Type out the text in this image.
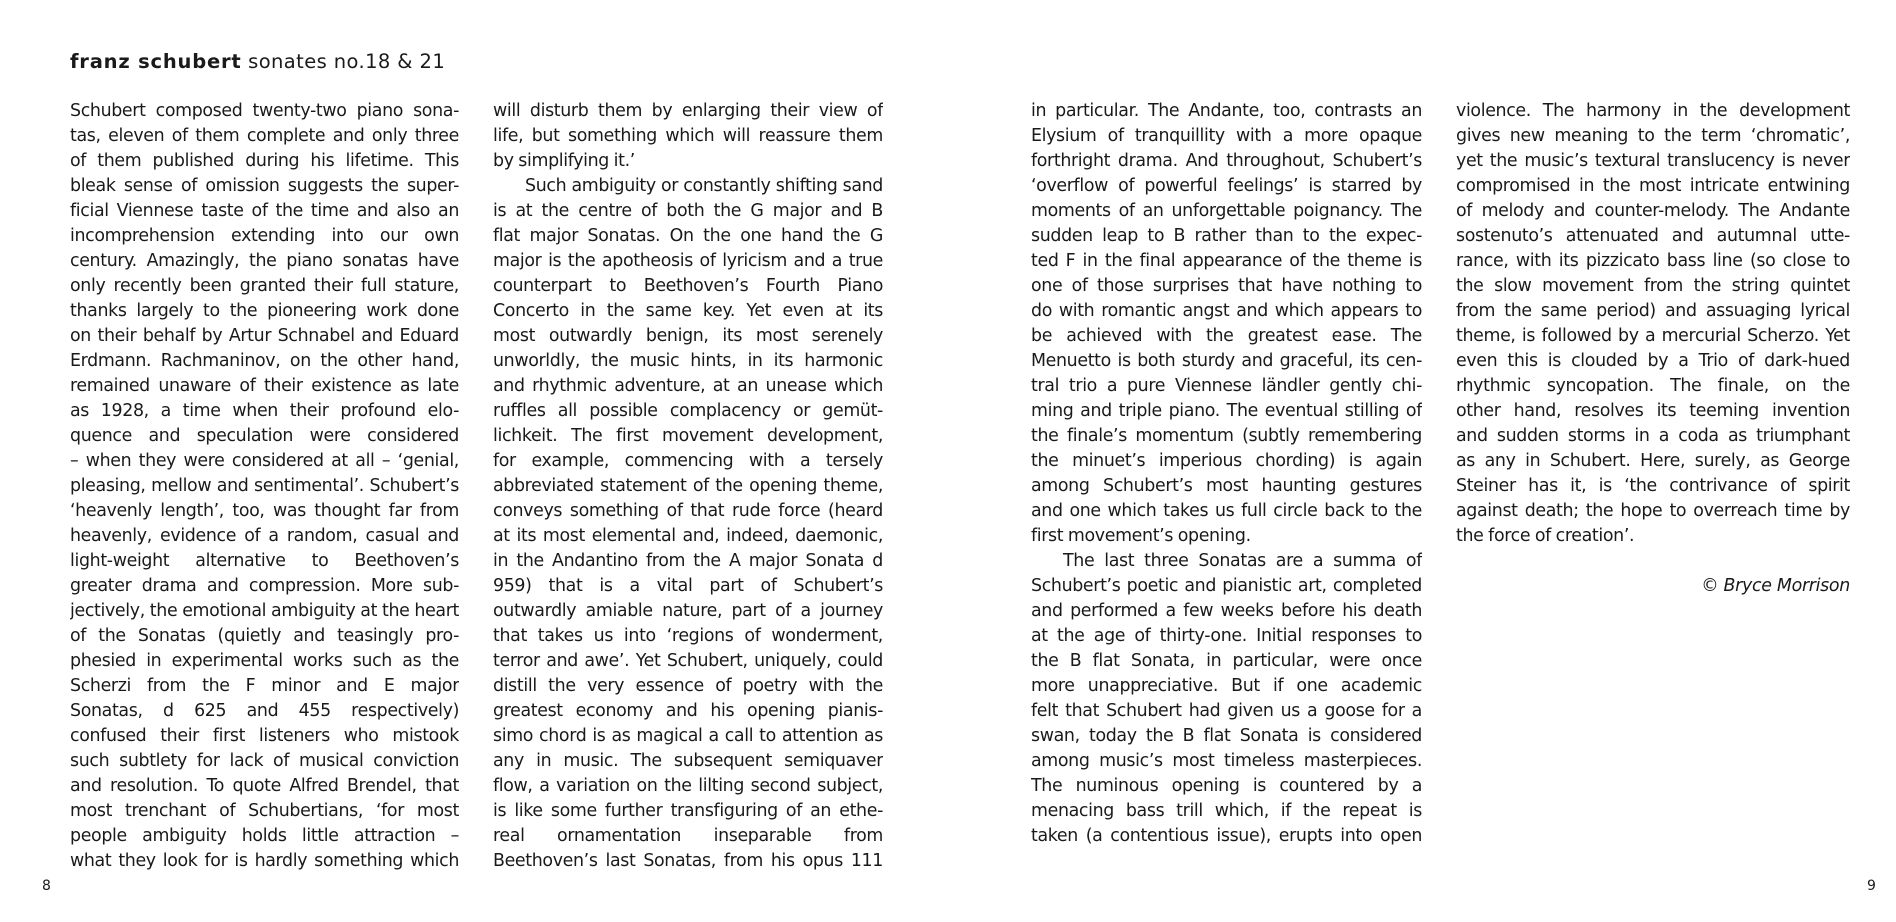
franz schubert sonates no.18 & 21
Schubert composed twenty-two piano sona-
tas, eleven of them complete and only three
of them published during his lifetime. This
bleak sense of omission suggests the super-
ficial Viennese taste of the time and also an
incomprehension extending into our own
century. Amazingly, the piano sonatas have
only recently been granted their full stature,
thanks largely to the pioneering work done
on their behalf by Artur Schnabel and Eduard
Erdmann. Rachmaninov, on the other hand,
remained unaware of their existence as late
as 1928, a time when their profound elo-
quence and speculation were considered
– when they were considered at all – ‘genial,
pleasing, mellow and sentimental’. Schubert’s
‘heavenly length’, too, was thought far from
heavenly, evidence of a random, casual and
light-weight alternative to Beethoven’s
greater drama and compression. More sub-
jectively, the emotional ambiguity at the heart
of the Sonatas (quietly and teasingly pro-
phesied in experimental works such as the
Scherzi from the F minor and E major
Sonatas, d 625 and 455 respectively)
confused their first listeners who mistook
such subtlety for lack of musical conviction
and resolution. To quote Alfred Brendel, that
most trenchant of Schubertians, ‘for most
people ambiguity holds little attraction –
what they look for is hardly something which
will disturb them by enlarging their view of
life, but something which will reassure them
by simplifying it.’
Such ambiguity or constantly shifting sand
is at the centre of both the G major and B
flat major Sonatas. On the one hand the G
major is the apotheosis of lyricism and a true
counterpart to Beethoven’s Fourth Piano
Concerto in the same key. Yet even at its
most outwardly benign, its most serenely
unworldly, the music hints, in its harmonic
and rhythmic adventure, at an unease which
ruffles all possible complacency or gemüt-
lichkeit. The first movement development,
for example, commencing with a tersely
abbreviated statement of the opening theme,
conveys something of that rude force (heard
at its most elemental and, indeed, daemonic,
in the Andantino from the A major Sonata d
959) that is a vital part of Schubert’s
outwardly amiable nature, part of a journey
that takes us into ‘regions of wonderment,
terror and awe’. Yet Schubert, uniquely, could
distill the very essence of poetry with the
greatest economy and his opening pianis-
simo chord is as magical a call to attention as
any in music. The subsequent semiquaver
flow, a variation on the lilting second subject,
is like some further transfiguring of an ethe-
real ornamentation inseparable from
Beethoven’s last Sonatas, from his opus 111
in particular. The Andante, too, contrasts an
Elysium of tranquillity with a more opaque
forthright drama. And throughout, Schubert’s
‘overflow of powerful feelings’ is starred by
moments of an unforgettable poignancy. The
sudden leap to B rather than to the expec-
ted F in the final appearance of the theme is
one of those surprises that have nothing to
do with romantic angst and which appears to
be achieved with the greatest ease. The
Menuetto is both sturdy and graceful, its cen-
tral trio a pure Viennese ländler gently chi-
ming and triple piano. The eventual stilling of
the finale’s momentum (subtly remembering
the minuet’s imperious chording) is again
among Schubert’s most haunting gestures
and one which takes us full circle back to the
first movement’s opening.
The last three Sonatas are a summa of
Schubert’s poetic and pianistic art, completed
and performed a few weeks before his death
at the age of thirty-one. Initial responses to
the B flat Sonata, in particular, were once
more unappreciative. But if one academic
felt that Schubert had given us a goose for a
swan, today the B flat Sonata is considered
among music’s most timeless masterpieces.
The numinous opening is countered by a
menacing bass trill which, if the repeat is
taken (a contentious issue), erupts into open
violence. The harmony in the development
gives new meaning to the term ‘chromatic’,
yet the music’s textural translucency is never
compromised in the most intricate entwining
of melody and counter-melody. The Andante
sostenuto’s attenuated and autumnal utte-
rance, with its pizzicato bass line (so close to
the slow movement from the string quintet
from the same period) and assuaging lyrical
theme, is followed by a mercurial Scherzo. Yet
even this is clouded by a Trio of dark-hued
rhythmic syncopation. The finale, on the
other hand, resolves its teeming invention
and sudden storms in a coda as triumphant
as any in Schubert. Here, surely, as George
Steiner has it, is ‘the contrivance of spirit
against death; the hope to overreach time by
the force of creation’.
© Bryce Morrison
8	9
